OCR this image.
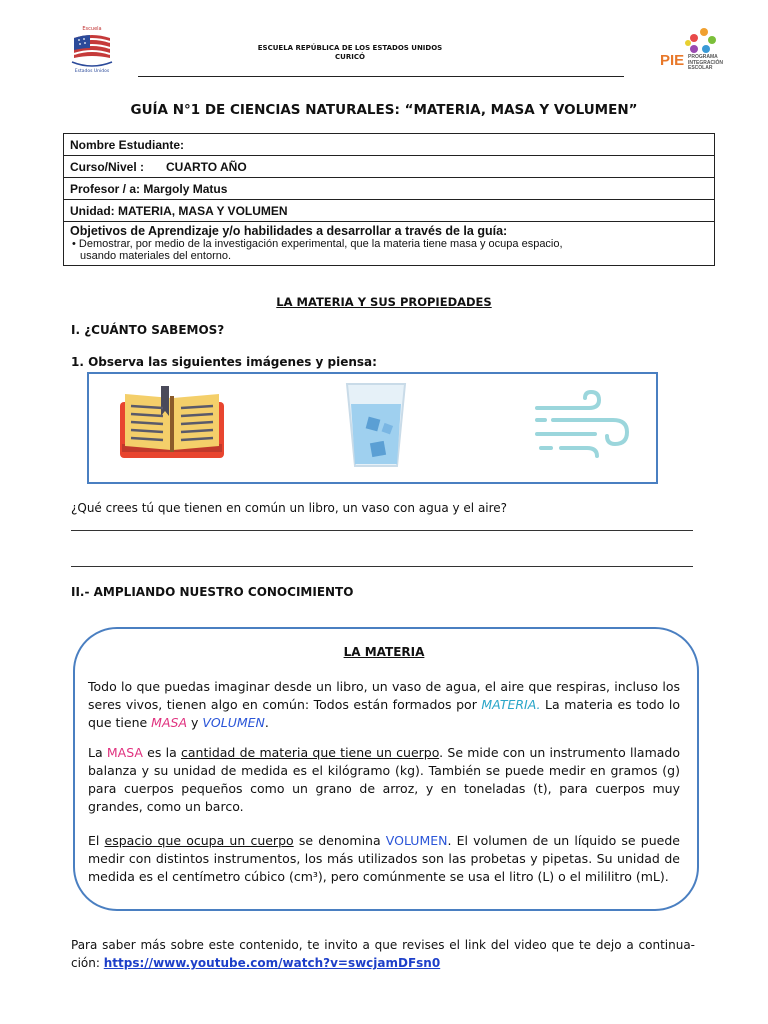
Escuela
Estados Unidos
ESCUELA REPÚBLICA DE LOS ESTADOS UNIDOS
CURICÓ	PIE PROGRAMA
INTEGRACIÓN
ESCOLAR
GUÍA N°1 DE CIENCIAS NATURALES: “MATERIA, MASA Y VOLUMEN”
Nombre Estudiante:
Curso/Nivel : CUARTO AÑO
Profesor / a: Margoly Matus
Unidad: MATERIA, MASA Y VOLUMEN

Objetivos de Aprendizaje y/o habilidades a desarrollar a través de la guía:
• Demostrar, por medio de la investigación experimental, que la materia tiene masa y ocupa espacio,
usando materiales del entorno.
LA MATERIA Y SUS PROPIEDADES
I. ¿CUÁNTO SABEMOS?
1. Observa las siguientes imágenes y piensa:
¿Qué crees tú que tienen en común un libro, un vaso con agua y el aire?
II.- AMPLIANDO NUESTRO CONOCIMIENTO
LA MATERIA
Todo lo que puedas imaginar desde un libro, un vaso de agua, el aire que respiras, incluso los seres vivos, tienen algo en común: Todos están formados por MATERIA. La materia es todo lo que tiene MASA y VOLUMEN.
La MASA es la cantidad de materia que tiene un cuerpo. Se mide con un instrumento llamado balanza y su unidad de medida es el kilógramo (kg). También se puede medir en gramos (g) para cuerpos pequeños como un grano de arroz, y en toneladas (t), para cuerpos muy grandes, como un barco.
El espacio que ocupa un cuerpo se denomina VOLUMEN. El volumen de un líquido se puede medir con distintos instrumentos, los más utilizados son las probetas y pipetas. Su unidad de medida es el centímetro cúbico (cm³), pero comúnmente se usa el litro (L) o el mililitro (mL).
Para saber más sobre este contenido, te invito a que revises el link del video que te dejo a continua-ción: https://www.youtube.com/watch?v=swcjamDFsn0
